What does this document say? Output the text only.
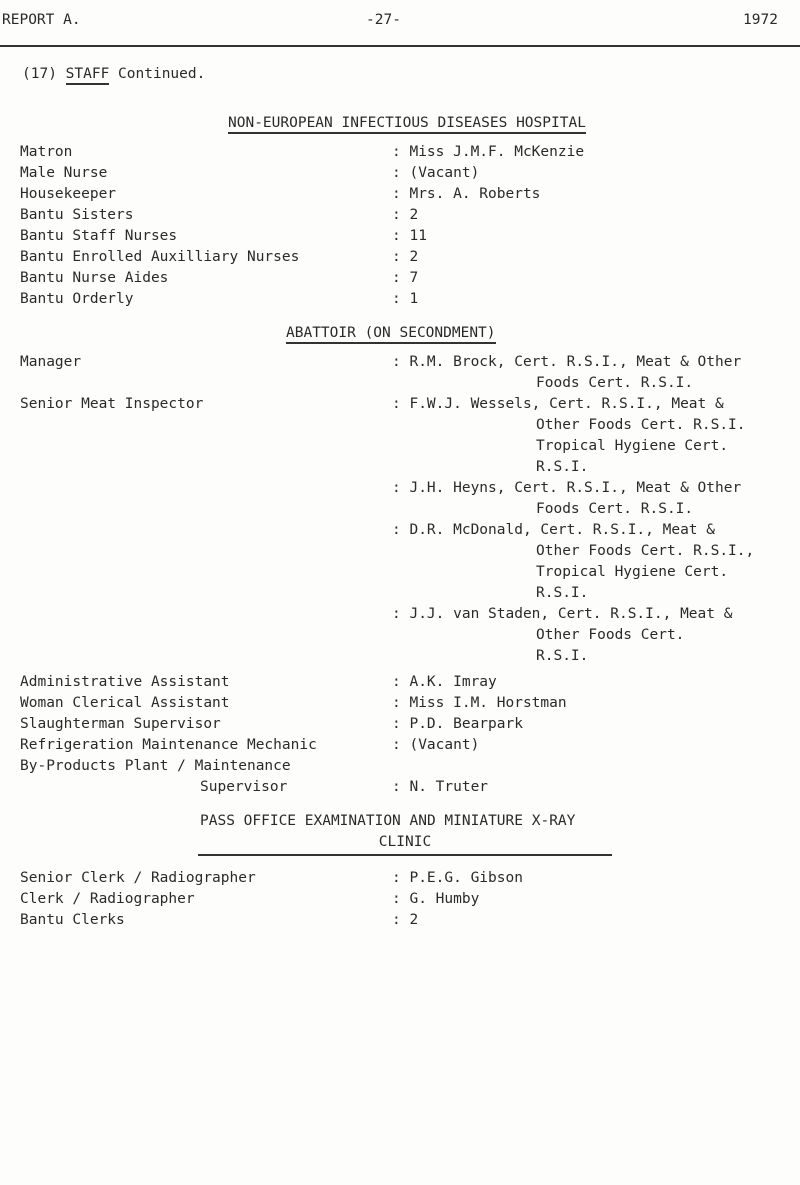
REPORT A.	-27-	1972
(17) STAFF Continued.
NON-EUROPEAN INFECTIOUS DISEASES HOSPITAL
Matron	: Miss J.M.F. McKenzie
Male Nurse	: (Vacant)
Housekeeper	: Mrs. A. Roberts
Bantu Sisters	: 2
Bantu Staff Nurses	: 11
Bantu Enrolled Auxilliary Nurses	: 2
Bantu Nurse Aides	: 7
Bantu Orderly	: 1
ABATTOIR (ON SECONDMENT)
Manager	: R.M. Brock, Cert. R.S.I., Meat & Other
Foods Cert. R.S.I.
Senior Meat Inspector	: F.W.J. Wessels, Cert. R.S.I., Meat &
Other Foods Cert. R.S.I.
Tropical Hygiene Cert.
R.S.I.
: J.H. Heyns, Cert. R.S.I., Meat & Other
Foods Cert. R.S.I.
: D.R. McDonald, Cert. R.S.I., Meat &
Other Foods Cert. R.S.I.,
Tropical Hygiene Cert.
R.S.I.
: J.J. van Staden, Cert. R.S.I., Meat &
Other Foods Cert.
R.S.I.
Administrative Assistant	: A.K. Imray
Woman Clerical Assistant	: Miss I.M. Horstman
Slaughterman Supervisor	: P.D. Bearpark
Refrigeration Maintenance Mechanic	: (Vacant)
By-Products Plant / Maintenance
Supervisor	: N. Truter
PASS OFFICE EXAMINATION AND MINIATURE X-RAY
CLINIC
Senior Clerk / Radiographer	: P.E.G. Gibson
Clerk / Radiographer	: G. Humby
Bantu Clerks	: 2
